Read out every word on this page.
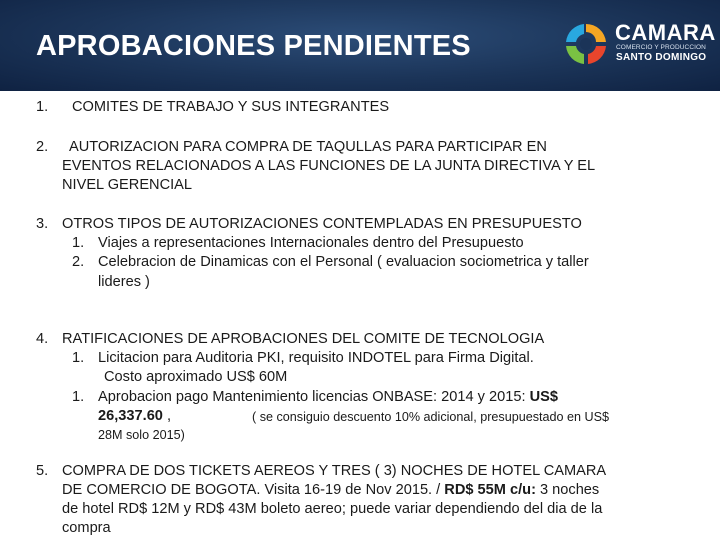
APROBACIONES PENDIENTES	CAMARA
COMERCIO Y PRODUCCION
SANTO DOMINGO
1. COMITES DE TRABAJO Y SUS INTEGRANTES
2. AUTORIZACION PARA COMPRA DE TAQULLAS PARA PARTICIPAR EN
EVENTOS RELACIONADOS A LAS FUNCIONES DE LA JUNTA DIRECTIVA Y EL
NIVEL GERENCIAL
3. OTROS TIPOS DE AUTORIZACIONES CONTEMPLADAS EN PRESUPUESTO
1. Viajes a representaciones Internacionales dentro del Presupuesto
2. Celebracion de Dinamicas con el Personal ( evaluacion sociometrica y taller
lideres )
4. RATIFICACIONES DE APROBACIONES DEL COMITE DE TECNOLOGIA
1. Licitacion para Auditoria PKI, requisito INDOTEL para Firma Digital.
Costo aproximado US$ 60M
1. Aprobacion pago Mantenimiento licencias ONBASE: 2014 y 2015: US$
26,337.60 ,	( se consiguio descuento 10% adicional, presupuestado en US$
28M solo 2015)
5. COMPRA DE DOS TICKETS AEREOS Y TRES ( 3) NOCHES DE HOTEL CAMARA
DE COMERCIO DE BOGOTA. Visita 16-19 de Nov 2015. / RD$ 55M c/u: 3 noches
de hotel RD$ 12M y RD$ 43M boleto aereo; puede variar dependiendo del dia de la
compra
